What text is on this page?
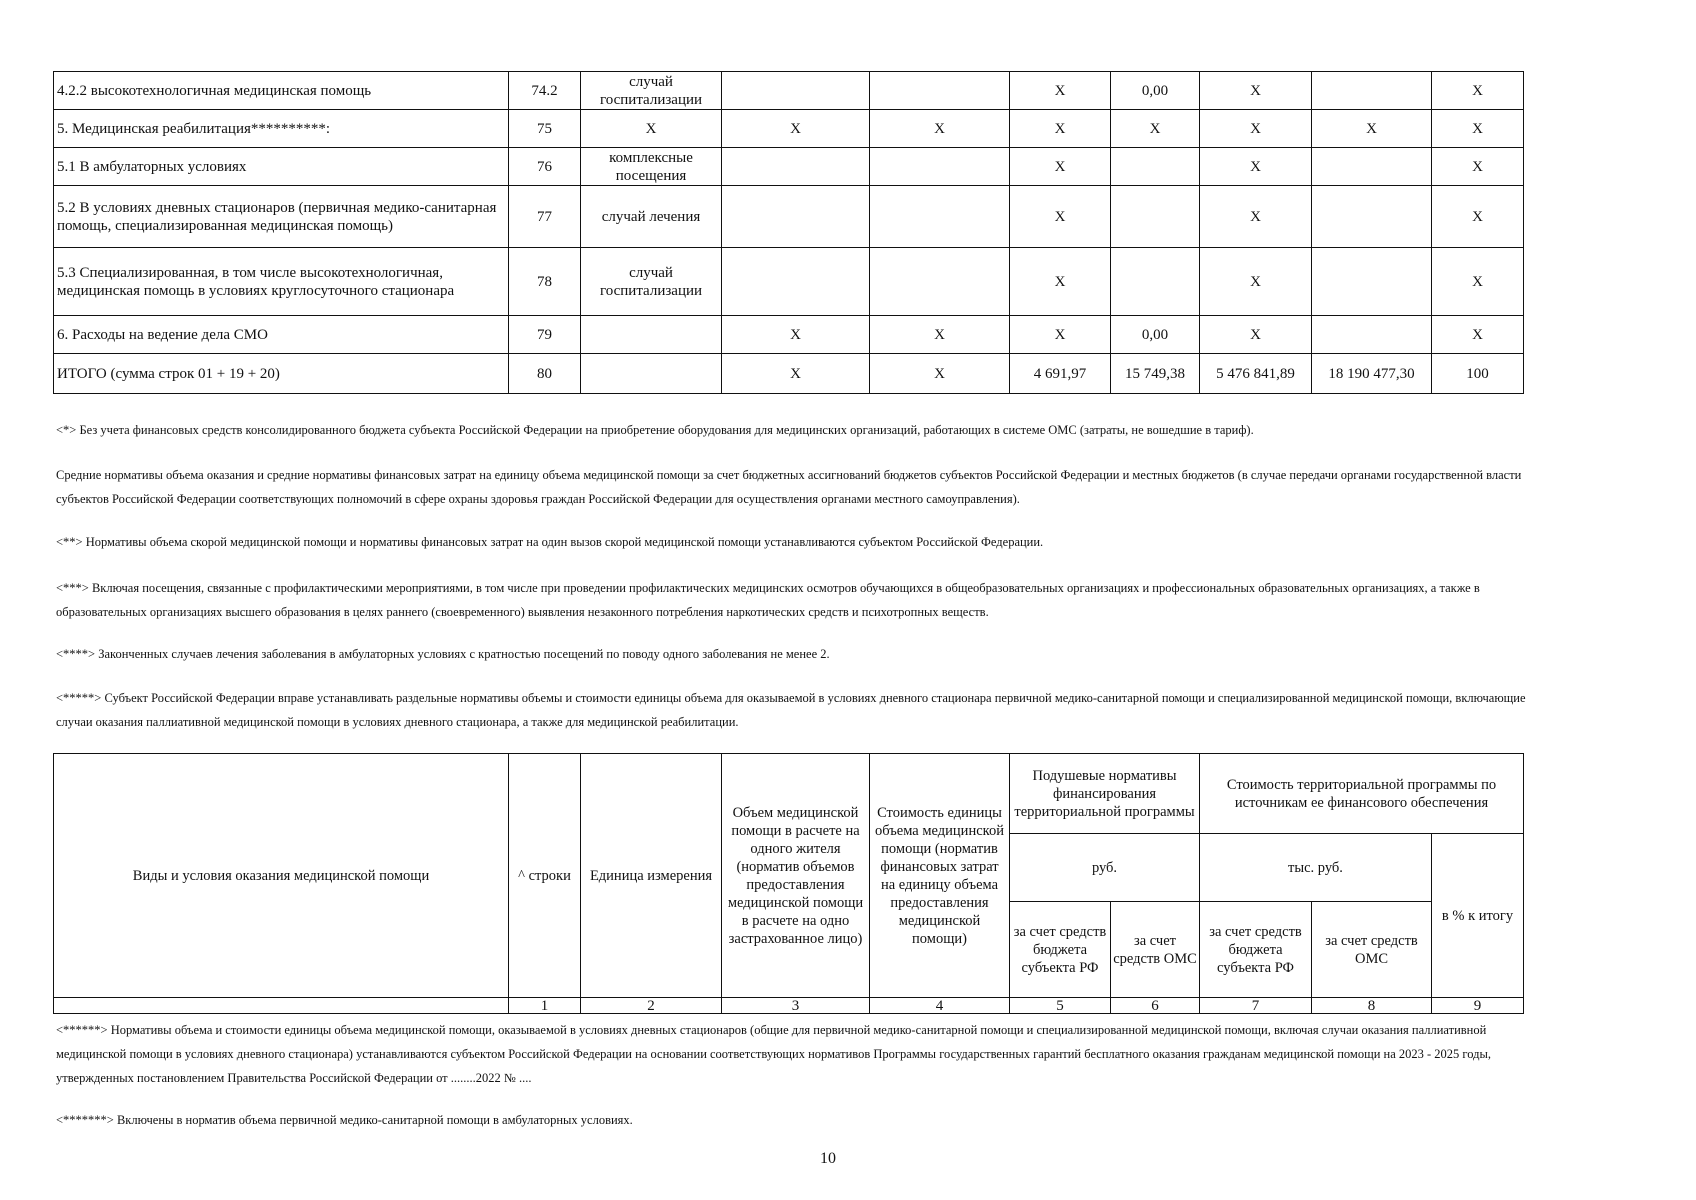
4.2.2 высокотехнологичная медицинская помощь	74.2	случай госпитализации			X	0,00	X		X
5. Медицинская реабилитация**********:	75	X	X	X	X	X	X	X	X
5.1 В амбулаторных условиях	76	комплексные посещения			X		X		X
5.2 В условиях дневных стационаров (первичная медико-санитарная помощь, специализированная медицинская помощь)	77	случай лечения			X		X		X
5.3 Специализированная, в том числе высокотехнологичная, медицинская помощь в условиях круглосуточного стационара	78	случай госпитализации			X		X		X
6. Расходы на ведение дела СМО	79		X	X	X	0,00	X		X
ИТОГО (сумма строк 01 + 19 + 20)	80		X	X	4 691,97	15 749,38	5 476 841,89	18 190 477,30	100
<*> Без учета финансовых средств консолидированного бюджета субъекта Российской Федерации на приобретение оборудования для медицинских организаций, работающих в системе ОМС (затраты, не вошедшие в тариф).
Средние нормативы объема оказания и средние нормативы финансовых затрат на единицу объема медицинской помощи за счет бюджетных ассигнований бюджетов субъектов Российской Федерации и местных бюджетов (в случае передачи органами государственной власти субъектов Российской Федерации соответствующих полномочий в сфере охраны здоровья граждан Российской Федерации для осуществления органами местного самоуправления).
<**> Нормативы объема скорой медицинской помощи и нормативы финансовых затрат на один вызов скорой медицинской помощи устанавливаются субъектом Российской Федерации.
<***> Включая посещения, связанные с профилактическими мероприятиями, в том числе при проведении профилактических медицинских осмотров обучающихся в общеобразовательных организациях и профессиональных образовательных организациях, а также в образовательных организациях высшего образования в целях раннего (своевременного) выявления незаконного потребления наркотических средств и психотропных веществ.
<****> Законченных случаев лечения заболевания в амбулаторных условиях с кратностью посещений по поводу одного заболевания не менее 2.
<*****> Субъект Российской Федерации вправе устанавливать раздельные нормативы объемы и стоимости единицы объема для оказываемой в условиях дневного стационара первичной медико-санитарной помощи и специализированной медицинской помощи, включающие случаи оказания паллиативной медицинской помощи в условиях дневного стационара, а также для медицинской реабилитации.
Виды и условия оказания медицинской помощи	^ строки	Единица измерения	Объем медицинской помощи в расчете на одного жителя (норматив объемов предоставления медицинской помощи в расчете на одно застрахованное лицо)	Стоимость единицы объема медицинской помощи (норматив финансовых затрат на единицу объема предоставления медицинской помощи)	Подушевые нормативы финансирования территориальной программы		Стоимость территориальной программы по источникам ее финансового обеспечения		
					руб.		тыс. руб.		в % к итогу
					за счет средств бюджета субъекта РФ	за счет средств ОМС	за счет средств бюджета субъекта РФ	за счет средств ОМС	
	1	2	3	4	5	6	7	8	9
<******> Нормативы объема и стоимости единицы объема медицинской помощи, оказываемой в условиях дневных стационаров (общие для первичной медико-санитарной помощи и специализированной медицинской помощи, включая случаи оказания паллиативной медицинской помощи в условиях дневного стационара) устанавливаются субъектом Российской Федерации на основании соответствующих нормативов Программы государственных гарантий бесплатного оказания гражданам медицинской помощи на 2023 - 2025 годы, утвержденных постановлением Правительства Российской Федерации от ........2022 № ....
<*******> Включены в норматив объема первичной медико-санитарной помощи в амбулаторных условиях.
10
